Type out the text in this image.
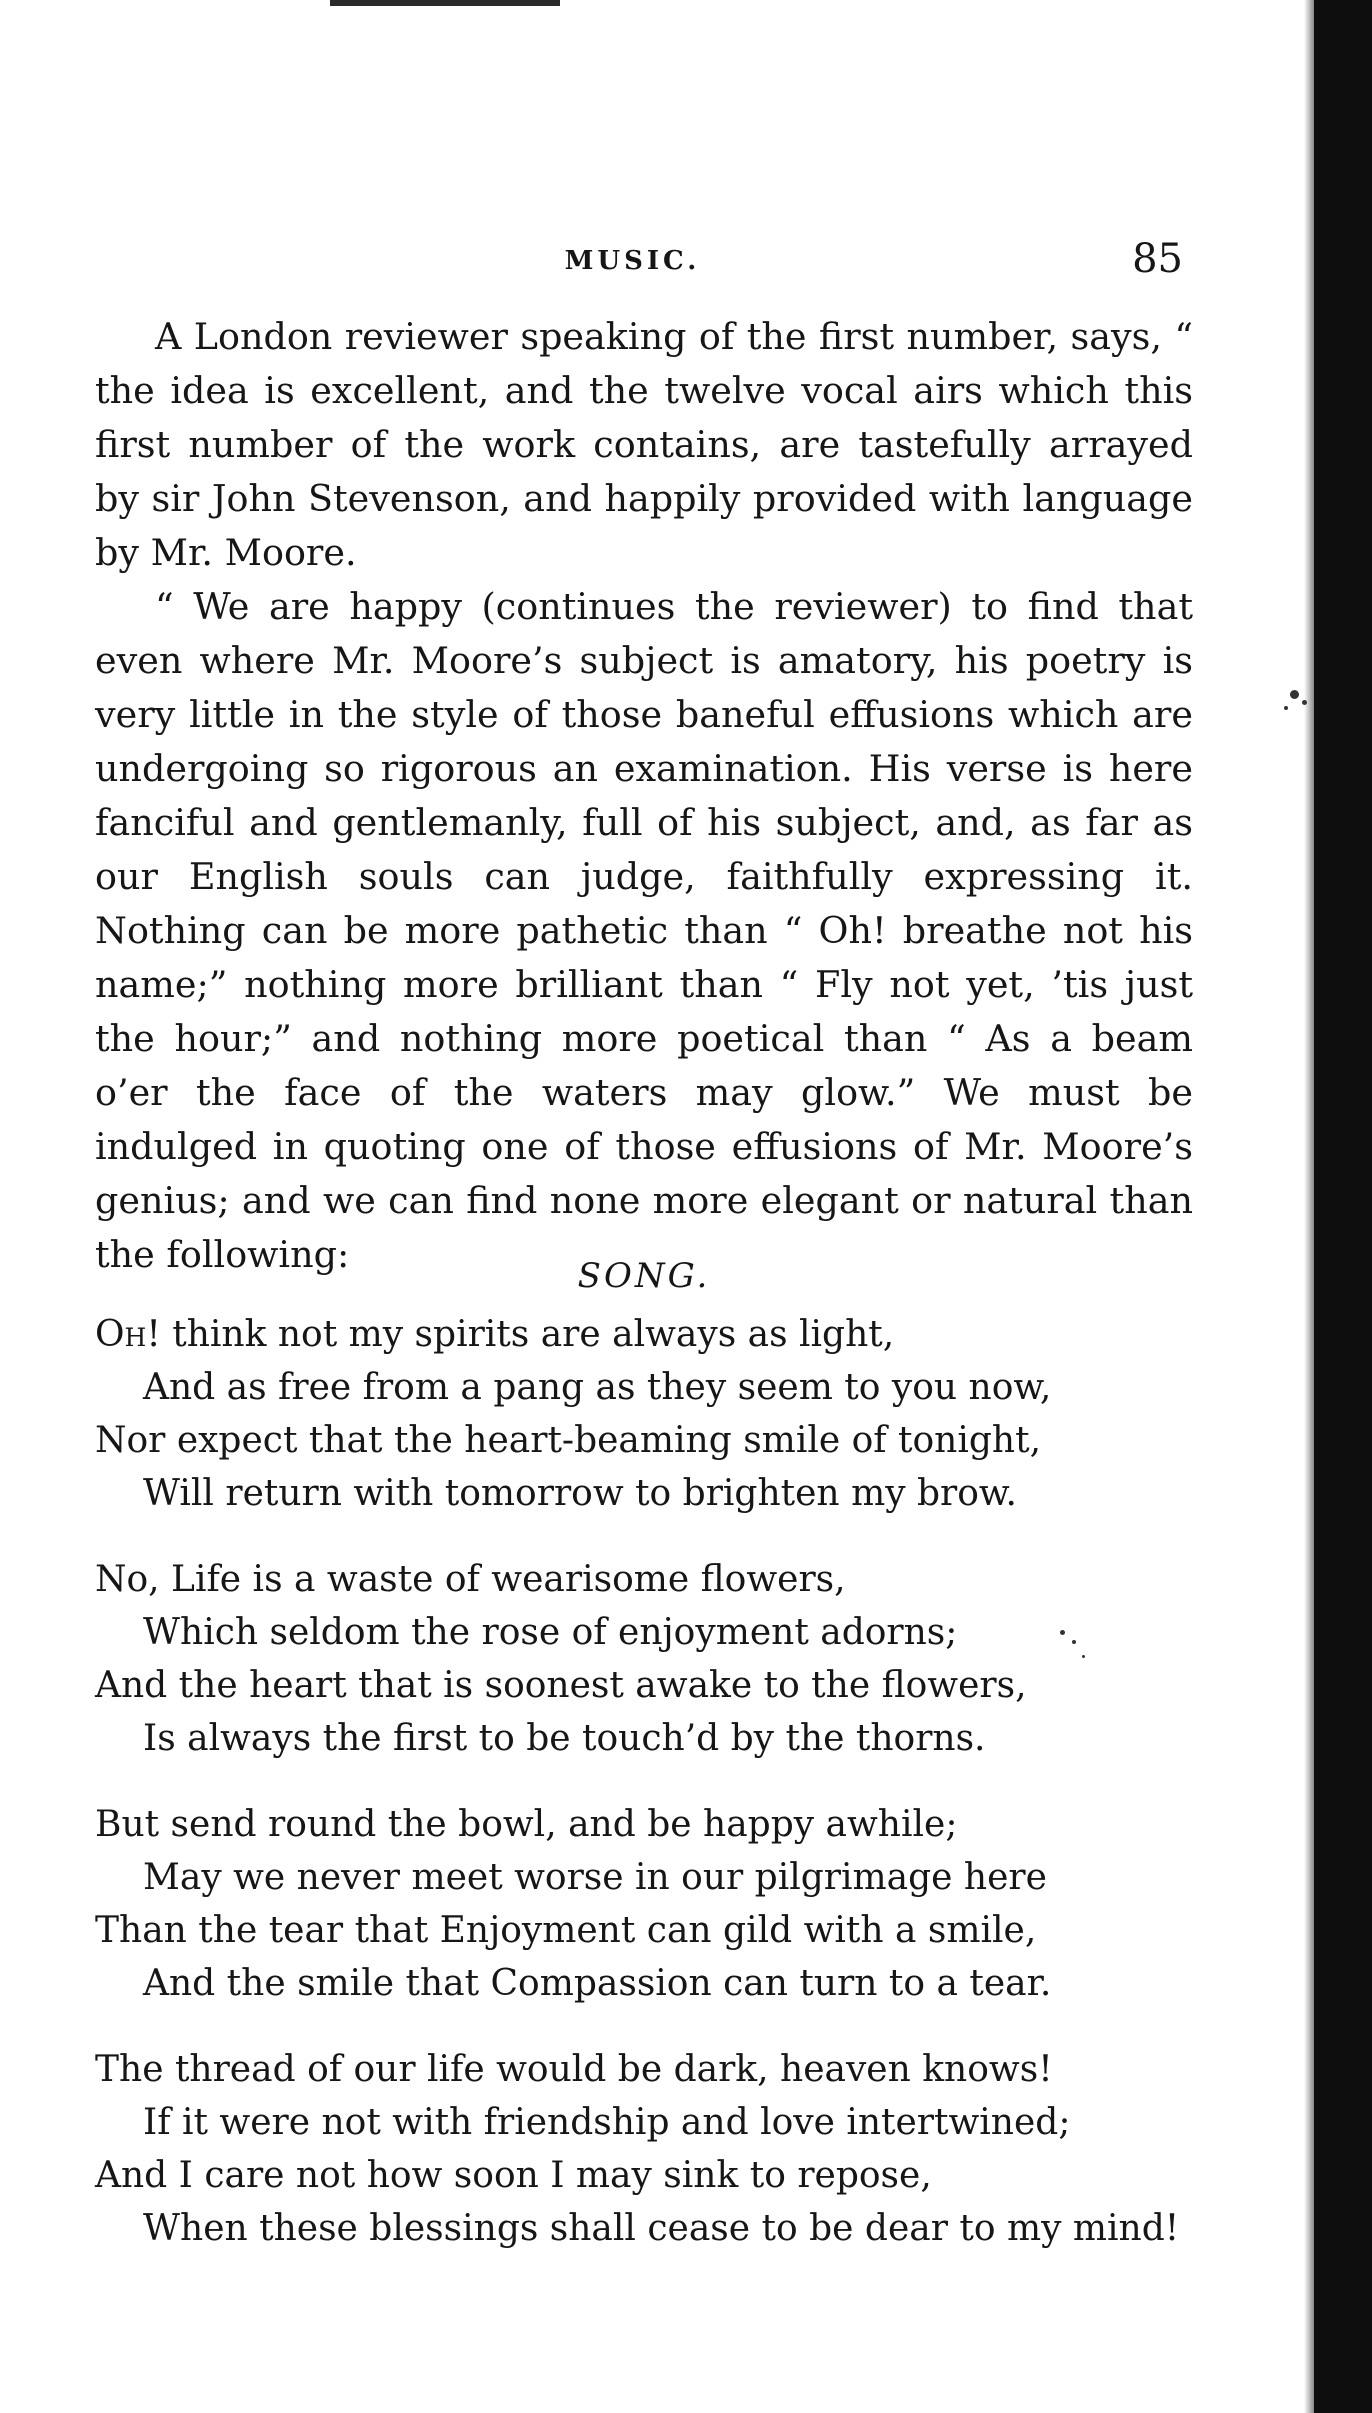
MUSIC.	85

A London reviewer speaking of the first number, says, “ the idea is excellent, and the twelve vocal airs which this first number of the work contains, are tastefully arrayed by sir John Stevenson, and happily provided with language by Mr. Moore.

“ We are happy (continues the reviewer) to find that even where Mr. Moore’s subject is amatory, his poetry is very little in the style of those baneful effusions which are undergoing so rigorous an examination. His verse is here fanciful and gentlemanly, full of his subject, and, as far as our English souls can judge, faithfully expressing it. Nothing can be more pathetic than “ Oh! breathe not his name;” nothing more brilliant than “ Fly not yet, ’tis just the hour;” and nothing more poetical than “ As a beam o’er the face of the waters may glow.” We must be indulged in quoting one of those effusions of Mr. Moore’s genius; and we can find none more elegant or natural than the following:	SONG.
Oh! think not my spirits are always as light,
And as free from a pang as they seem to you now,
Nor expect that the heart-beaming smile of tonight,
Will return with tomorrow to brighten my brow.
No, Life is a waste of wearisome flowers,
Which seldom the rose of enjoyment adorns;
And the heart that is soonest awake to the flowers,
Is always the first to be touch’d by the thorns.
But send round the bowl, and be happy awhile;
May we never meet worse in our pilgrimage here
Than the tear that Enjoyment can gild with a smile,
And the smile that Compassion can turn to a tear.
The thread of our life would be dark, heaven knows!
If it were not with friendship and love intertwined;
And I care not how soon I may sink to repose,
When these blessings shall cease to be dear to my mind!
